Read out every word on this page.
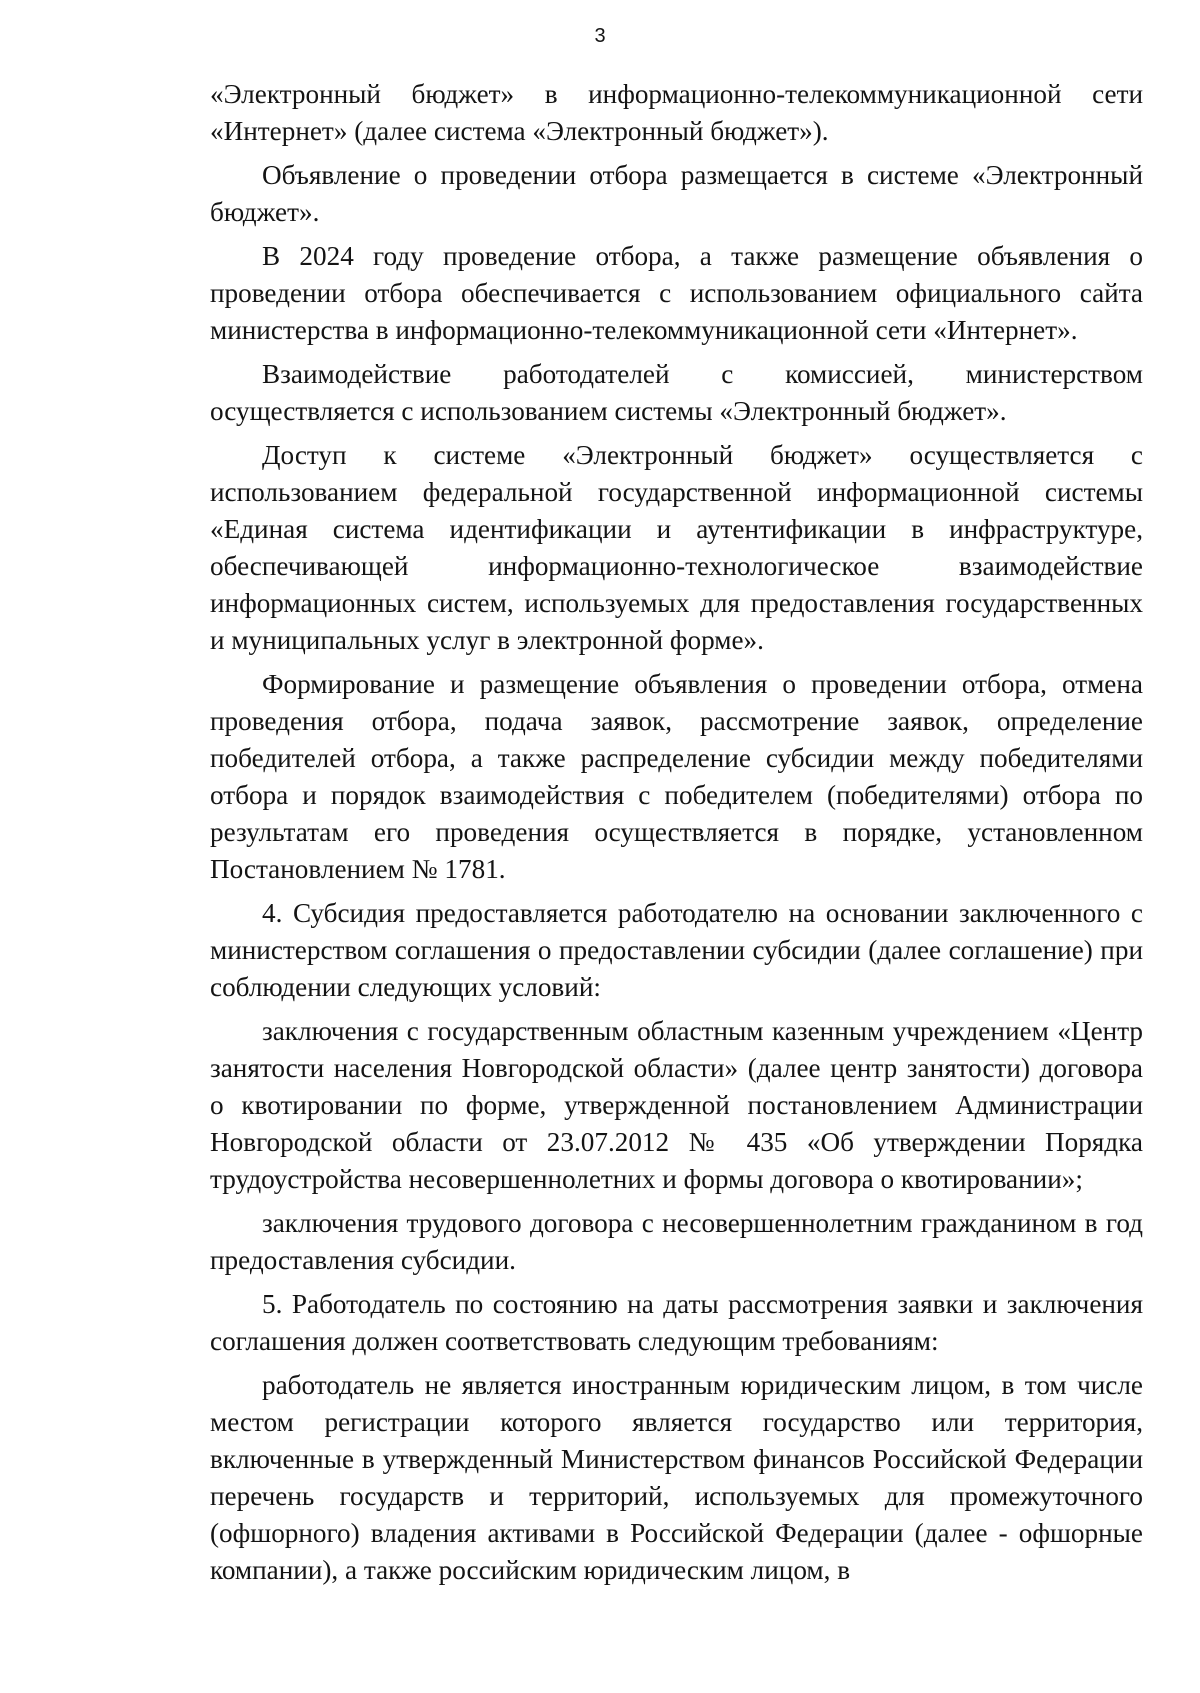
3

«Электронный бюджет» в информационно-телекоммуникационной сети «Интернет» (далее система «Электронный бюджет»).

Объявление о проведении отбора размещается в системе «Электронный бюджет».

В 2024 году проведение отбора, а также размещение объявления о проведении отбора обеспечивается с использованием официального сайта министерства в информационно-телекоммуникационной сети «Интернет».

Взаимодействие работодателей с комиссией, министерством осуществляется с использованием системы «Электронный бюджет».

Доступ к системе «Электронный бюджет» осуществляется с использованием федеральной государственной информационной системы «Единая система идентификации и аутентификации в инфраструктуре, обеспечивающей информационно-технологическое взаимодействие информационных систем, используемых для предоставления государственных и муниципальных услуг в электронной форме».

Формирование и размещение объявления о проведении отбора, отмена проведения отбора, подача заявок, рассмотрение заявок, определение победителей отбора, а также распределение субсидии между победителями отбора и порядок взаимодействия с победителем (победителями) отбора по результатам его проведения осуществляется в порядке, установленном Постановлением № 1781.

4. Субсидия предоставляется работодателю на основании заключенного с министерством соглашения о предоставлении субсидии (далее соглашение) при соблюдении следующих условий:

заключения с государственным областным казенным учреждением «Центр занятости населения Новгородской области» (далее центр занятости) договора о квотировании по форме, утвержденной постановлением Администрации Новгородской области от 23.07.2012 № 435 «Об утверждении Порядка трудоустройства несовершеннолетних и формы договора о квотировании»;

заключения трудового договора с несовершеннолетним гражданином в год предоставления субсидии.

5. Работодатель по состоянию на даты рассмотрения заявки и заключения соглашения должен соответствовать следующим требованиям:

работодатель не является иностранным юридическим лицом, в том числе местом регистрации которого является государство или территория, включенные в утвержденный Министерством финансов Российской Федерации перечень государств и территорий, используемых для промежуточного (офшорного) владения активами в Российской Федерации (далее - офшорные компании), а также российским юридическим лицом, в
